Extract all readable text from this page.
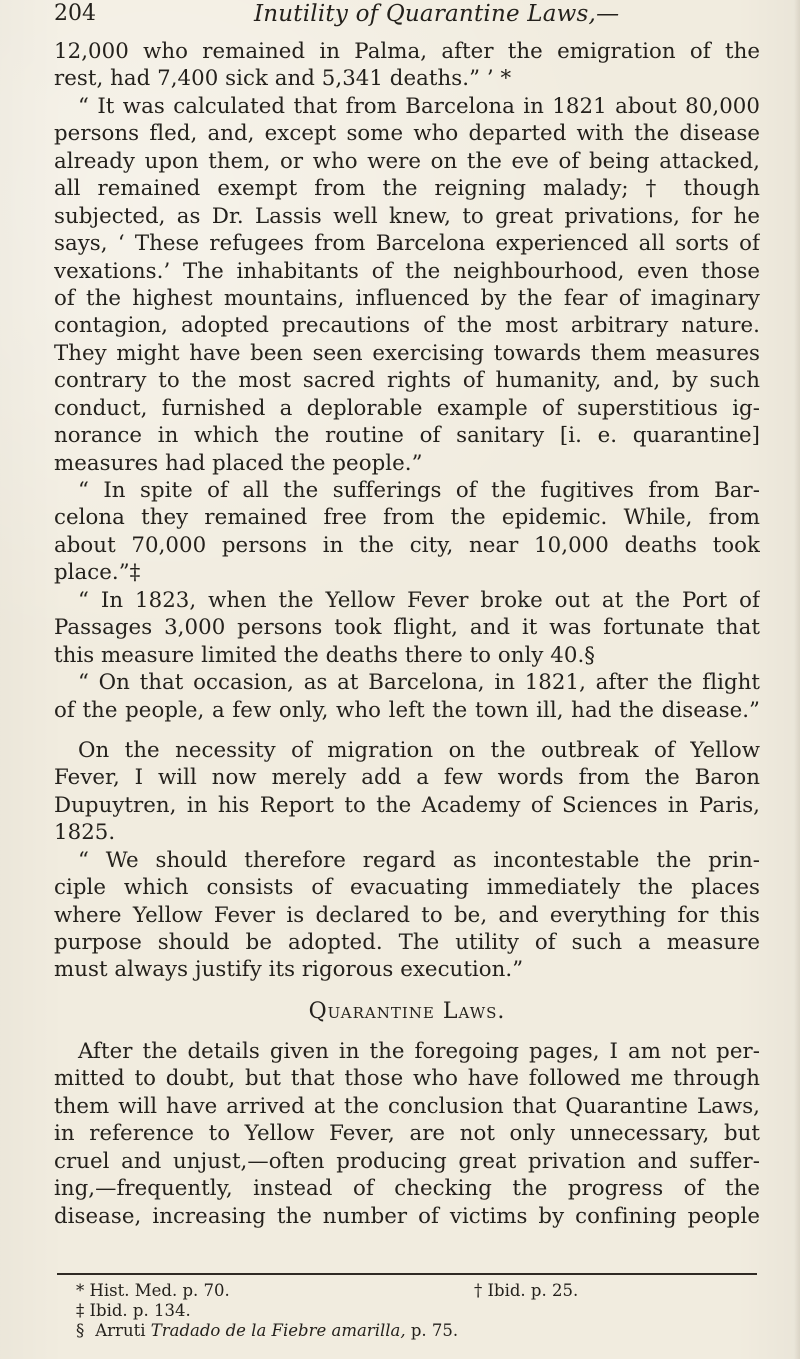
204	Inutility of Quarantine Laws,—
12,000 who remained in Palma, after the emigration of the
rest, had 7,400 sick and 5,341 deaths.” ’ *
“ It was calculated that from Barcelona in 1821 about 80,000
persons fled, and, except some who departed with the disease
already upon them, or who were on the eve of being attacked,
all remained exempt from the reigning malady; † though
subjected, as Dr. Lassis well knew, to great privations, for he
says, ‘ These refugees from Barcelona experienced all sorts of
vexations.’ The inhabitants of the neighbourhood, even those
of the highest mountains, influenced by the fear of imaginary
contagion, adopted precautions of the most arbitrary nature.
They might have been seen exercising towards them measures
contrary to the most sacred rights of humanity, and, by such
conduct, furnished a deplorable example of superstitious ig-
norance in which the routine of sanitary [i. e. quarantine]
measures had placed the people.”
“ In spite of all the sufferings of the fugitives from Bar-
celona they remained free from the epidemic. While, from
about 70,000 persons in the city, near 10,000 deaths took
place.”‡
“ In 1823, when the Yellow Fever broke out at the Port of
Passages 3,000 persons took flight, and it was fortunate that
this measure limited the deaths there to only 40.§
“ On that occasion, as at Barcelona, in 1821, after the flight
of the people, a few only, who left the town ill, had the disease.”
On the necessity of migration on the outbreak of Yellow
Fever, I will now merely add a few words from the Baron
Dupuytren, in his Report to the Academy of Sciences in Paris,
1825.
“ We should therefore regard as incontestable the prin-
ciple which consists of evacuating immediately the places
where Yellow Fever is declared to be, and everything for this
purpose should be adopted. The utility of such a measure
must always justify its rigorous execution.”
Quarantine Laws.
After the details given in the foregoing pages, I am not per-
mitted to doubt, but that those who have followed me through
them will have arrived at the conclusion that Quarantine Laws,
in reference to Yellow Fever, are not only unnecessary, but
cruel and unjust,—often producing great privation and suffer-
ing,—frequently, instead of checking the progress of the
disease, increasing the number of victims by confining people
* Hist. Med. p. 70.	† Ibid. p. 25.
‡ Ibid. p. 134.
§ Arruti Tradado de la Fiebre amarilla, p. 75.
